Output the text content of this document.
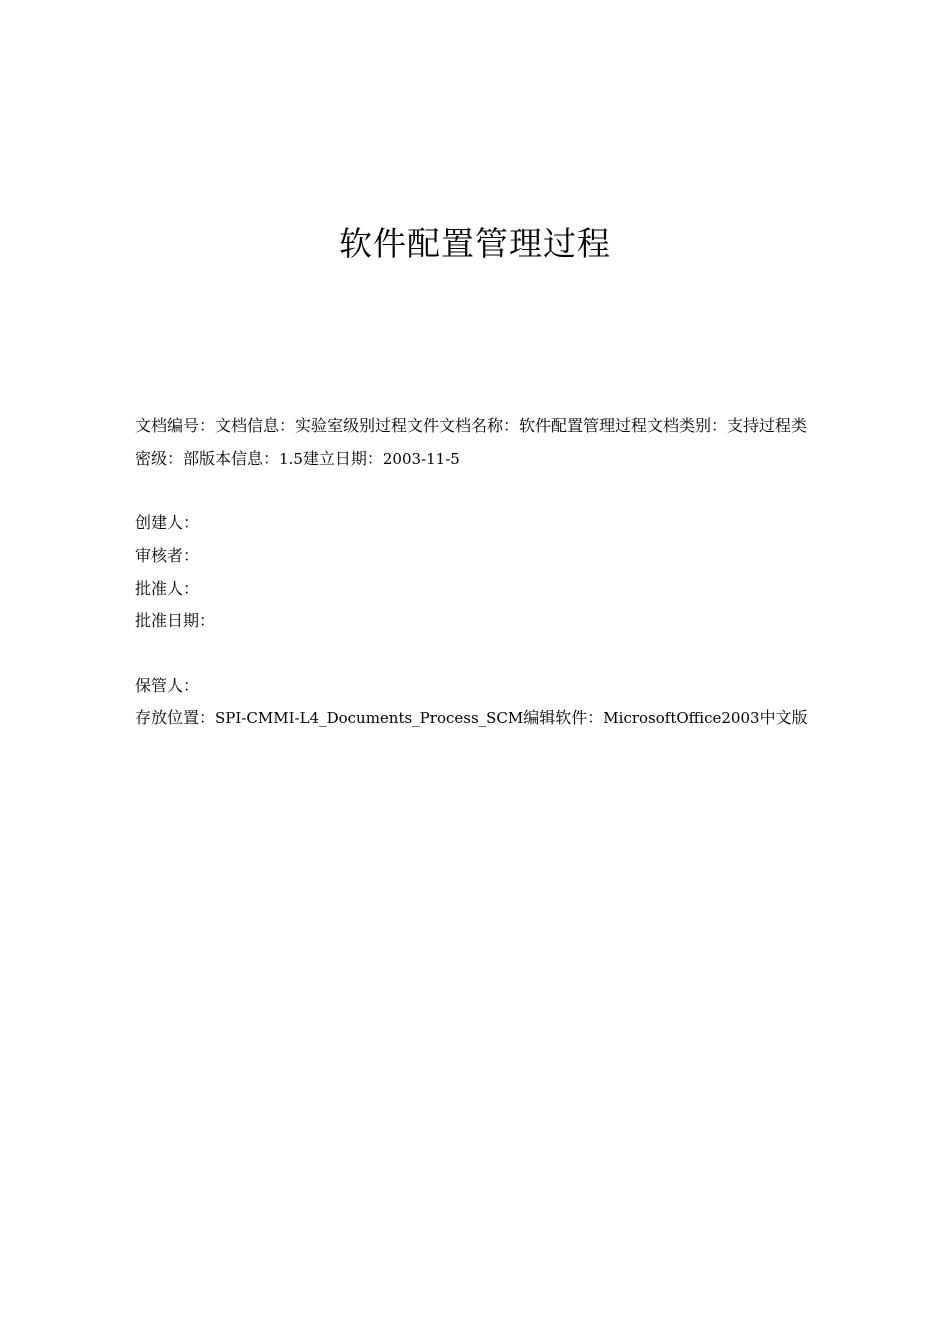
软件配置管理过程
文档编号：文档信息：实验室级别过程文件文档名称：软件配置管理过程文档类别：支持过程类
密级：部版本信息：1.5建立日期：2003-11-5
创建人：
审核者：
批准人：
批准日期：
保管人：
存放位置：SPI-CMMI-L4_Documents_Process_SCM编辑软件：MicrosoftOffice2003中文版
